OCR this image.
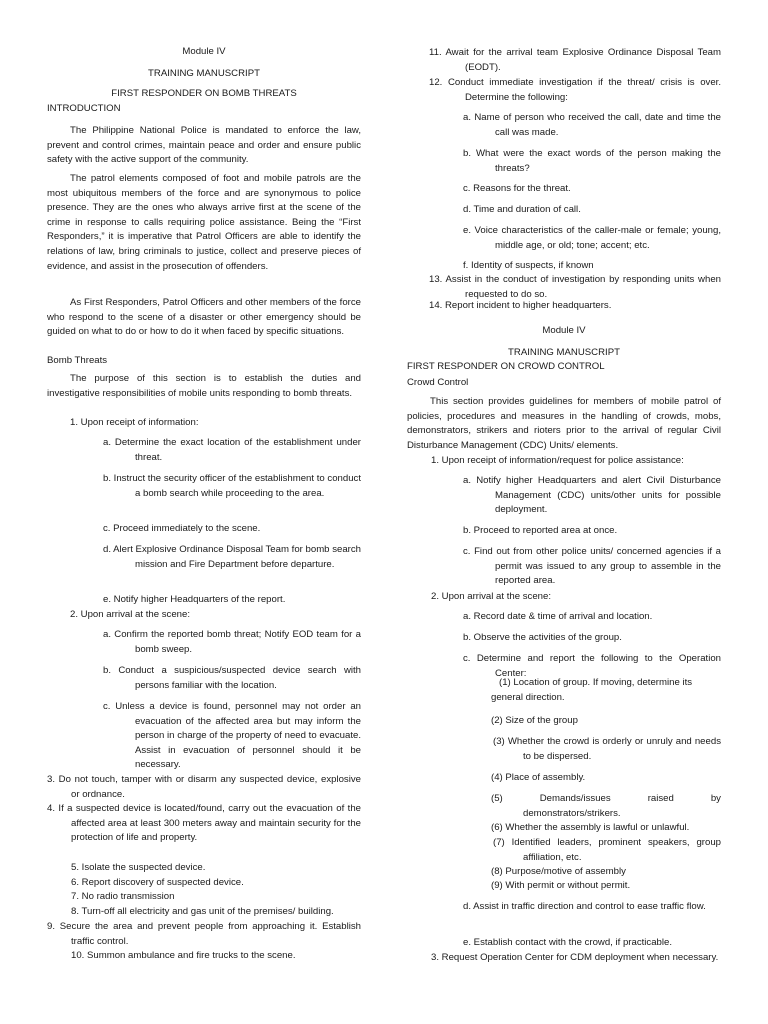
Module IV

TRAINING MANUSCRIPT

FIRST RESPONDER ON BOMB THREATS

INTRODUCTION

The Philippine National Police is mandated to enforce the law, prevent and control crimes, maintain peace and order and ensure public safety with the active support of the community.

The patrol elements composed of foot and mobile patrols are the most ubiquitous members of the force and are synonymous to police presence. They are the ones who always arrive first at the scene of the crime in response to calls requiring police assistance. Being the “First Responders,” it is imperative that Patrol Officers are able to identify the relations of law, bring criminals to justice, collect and preserve pieces of evidence, and assist in the prosecution of offenders.

As First Responders, Patrol Officers and other members of the force who respond to the scene of a disaster or other emergency should be guided on what to do or how to do it when faced by specific situations.

Bomb Threats

The purpose of this section is to establish the duties and investigative responsibilities of mobile units responding to bomb threats.

1. Upon receipt of information:

a. Determine the exact location of the establishment under threat.

b. Instruct the security officer of the establishment to conduct a bomb search while proceeding to the area.

c. Proceed immediately to the scene.

d. Alert Explosive Ordinance Disposal Team for bomb search mission and Fire Department before departure.

e. Notify higher Headquarters of the report.

2. Upon arrival at the scene:

a. Confirm the reported bomb threat; Notify EOD team for a bomb sweep.

b. Conduct a suspicious/suspected device search with persons familiar with the location.

c. Unless a device is found, personnel may not order an evacuation of the affected area but may inform the person in charge of the property of need to evacuate. Assist in evacuation of personnel should it be necessary.

3. Do not touch, tamper with or disarm any suspected device, explosive or ordnance.

4. If a suspected device is located/found, carry out the evacuation of the affected area at least 300 meters away and maintain security for the protection of life and property.

5. Isolate the suspected device.

6. Report discovery of suspected device.

7. No radio transmission

8. Turn-off all electricity and gas unit of the premises/ building.

9. Secure the area and prevent people from approaching it. Establish traffic control.

10. Summon ambulance and fire trucks to the scene.

11. Await for the arrival team Explosive Ordinance Disposal Team (EODT).

12. Conduct immediate investigation if the threat/ crisis is over. Determine the following:

a. Name of person who received the call, date and time the call was made.

b. What were the exact words of the person making the threats?

c. Reasons for the threat.

d. Time and duration of call.

e. Voice characteristics of the caller-male or female; young, middle age, or old; tone; accent; etc.

f. Identity of suspects, if known

13. Assist in the conduct of investigation by responding units when requested to do so.

14. Report incident to higher headquarters.

Module IV

TRAINING MANUSCRIPT

FIRST RESPONDER ON CROWD CONTROL

Crowd Control

This section provides guidelines for members of mobile patrol of policies, procedures and measures in the handling of crowds, mobs, demonstrators, strikers and rioters prior to the arrival of regular Civil Disturbance Management (CDC) Units/ elements.

1. Upon receipt of information/request for police assistance:

a. Notify higher Headquarters and alert Civil Disturbance Management (CDC) units/other units for possible deployment.

b. Proceed to reported area at once.

c. Find out from other police units/ concerned agencies if a permit was issued to any group to assemble in the reported area.

2. Upon arrival at the scene:

a. Record date & time of arrival and location.

b. Observe the activities of the group.

c. Determine and report the following to the Operation Center:

(1) Location of group. If moving, determine its general direction.

(2) Size of the group

(3) Whether the crowd is orderly or unruly and needs to be dispersed.

(4) Place of assembly.

(5)	Demands/issues	raised	by
demonstrators/strikers.

(6) Whether the assembly is lawful or unlawful.

(7) Identified leaders, prominent speakers, group affiliation, etc.

(8) Purpose/motive of assembly

(9) With permit or without permit.

d. Assist in traffic direction and control to ease traffic flow.

e. Establish contact with the crowd, if practicable.

3. Request Operation Center for CDM deployment when necessary.
